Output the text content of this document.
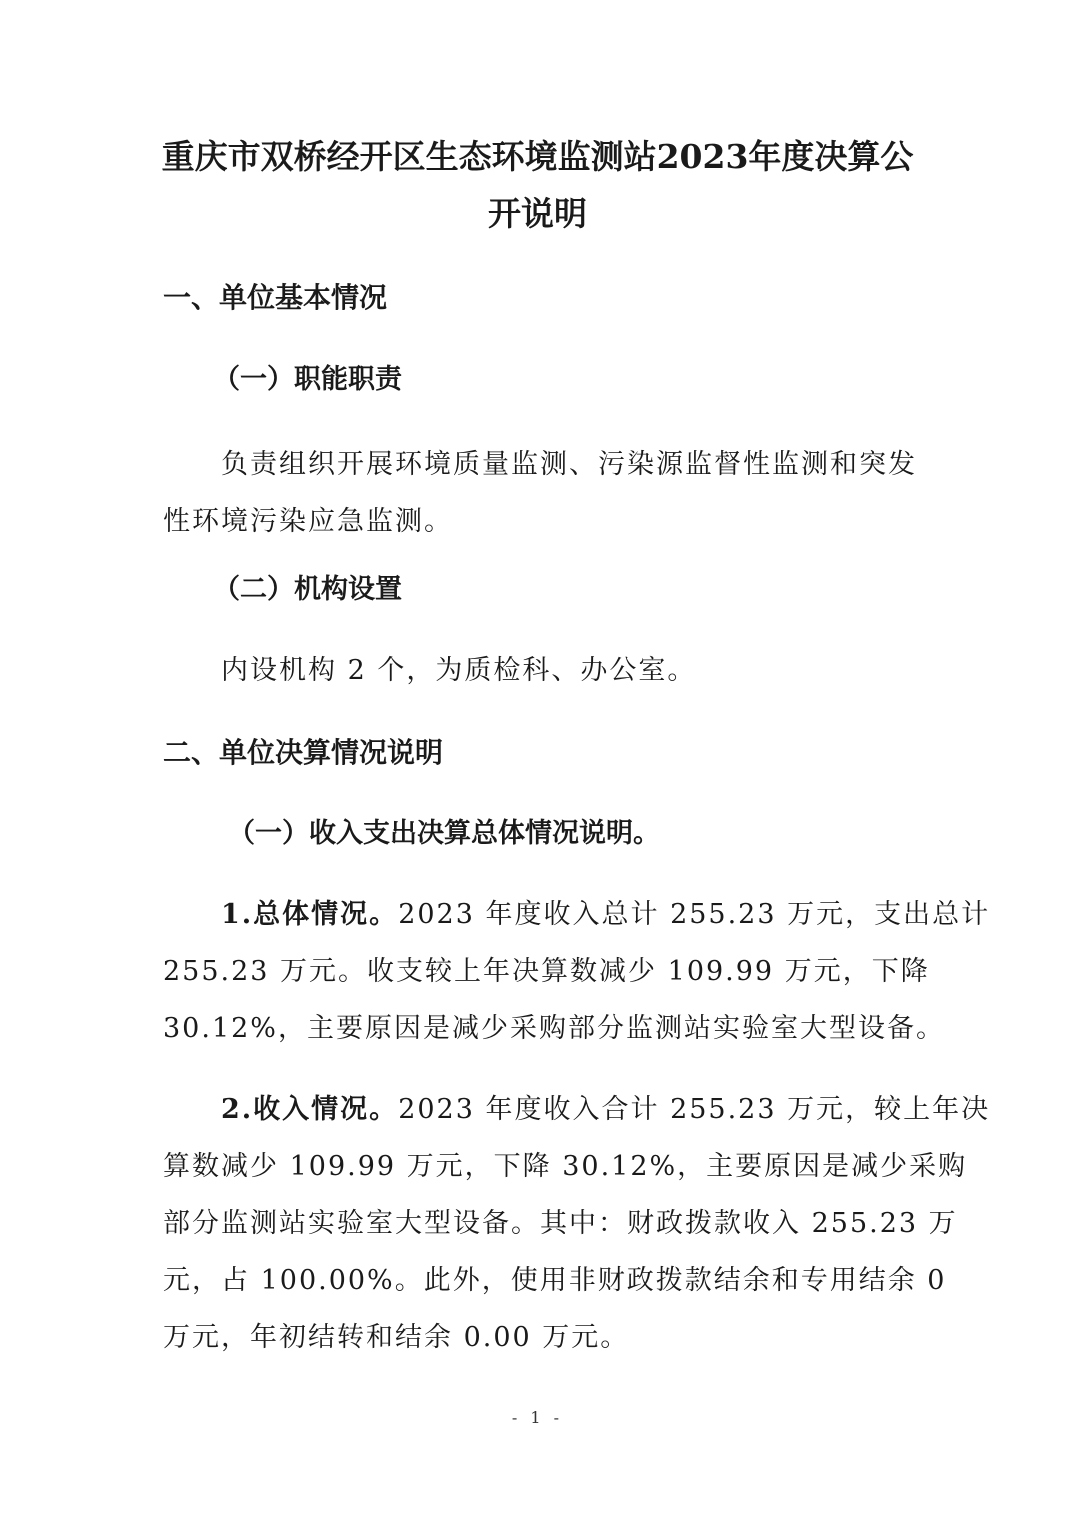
重庆市双桥经开区生态环境监测站2023年度决算公
开说明
一、单位基本情况
（一）职能职责
负责组织开展环境质量监测、污染源监督性监测和突发
性环境污染应急监测。
（二）机构设置
内设机构 2 个，为质检科、办公室。
二、单位决算情况说明
（一）收入支出决算总体情况说明。
1.总体情况。2023 年度收入总计 255.23 万元，支出总计
255.23 万元。收支较上年决算数减少 109.99 万元，下降
30.12%，主要原因是减少采购部分监测站实验室大型设备。
2.收入情况。2023 年度收入合计 255.23 万元，较上年决
算数减少 109.99 万元，下降 30.12%，主要原因是减少采购
部分监测站实验室大型设备。其中：财政拨款收入 255.23 万
元，占 100.00%。此外，使用非财政拨款结余和专用结余 0
万元，年初结转和结余 0.00 万元。
- 1 -
